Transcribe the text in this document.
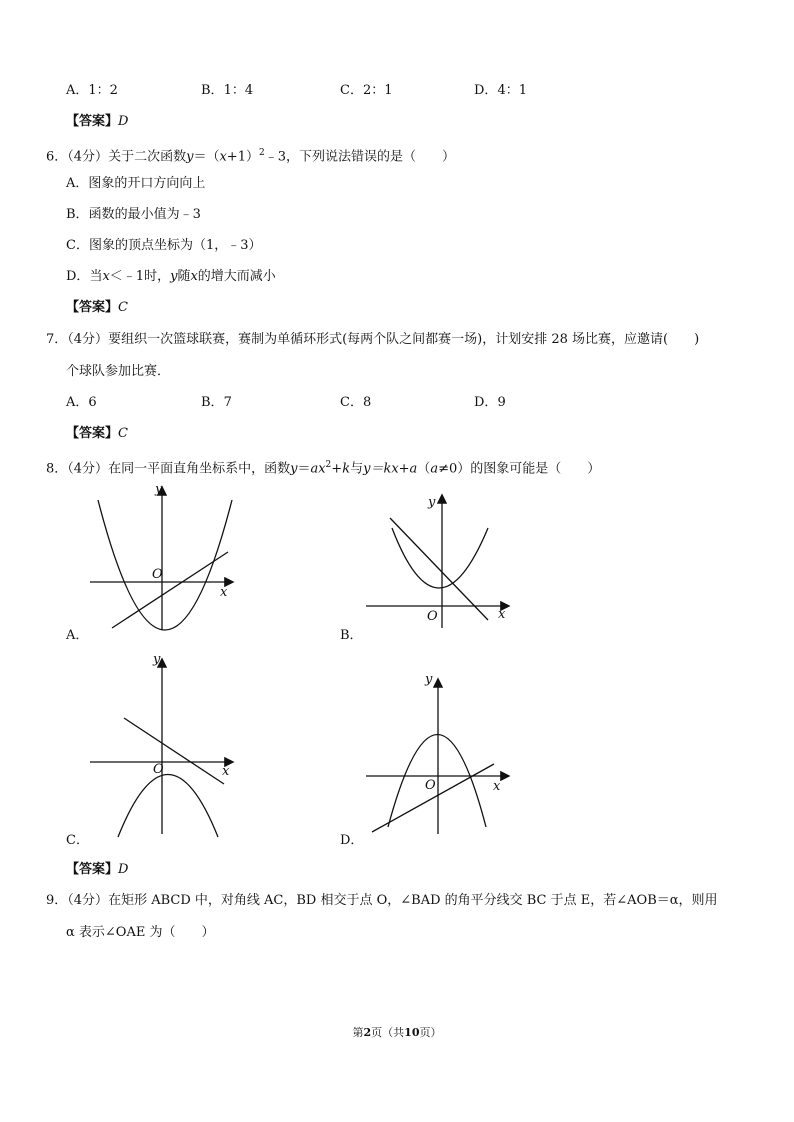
A．1：2	B．1：4	C．2：1	D．4：1
【答案】D
6．（4分）关于二次函数$y=(x+1)^2﹣3$，下列说法错误的是（　　）
A．图象的开口方向向上
B．函数的最小值为﹣3
C．图象的顶点坐标为（1，﹣3）
D．当x＜﹣1时，y随x的增大而减小
【答案】C
7．（4分）要组织一次篮球联赛，赛制为单循环形式(每两个队之间都赛一场)，计划安排 28 场比赛，应邀请(　　)
个球队参加比赛．
A．6	B．7	C．8	D．9
【答案】C
8．（4分）在同一平面直角坐标系中，函数$y=ax^2+k$与y＝kx+a（a≠0）的图象可能是（　　）
y
x
O
A．
y
x
O
B．
y
x
O
C．
y
x
O
D．
【答案】D
9．（4分）在矩形 ABCD 中，对角线 AC，BD 相交于点 O，∠BAD 的角平分线交 BC 于点 E，若∠AOB＝α，则用
α 表示∠OAE 为（　　）
第2页（共10页）
